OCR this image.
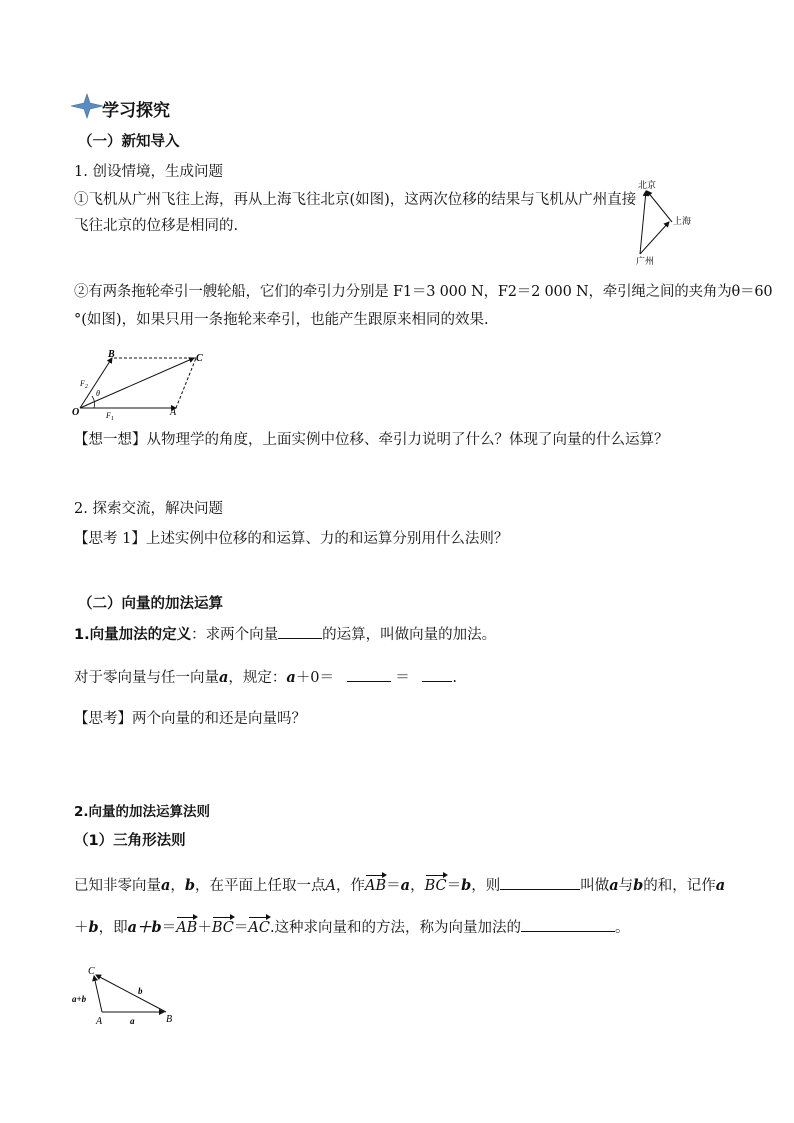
学习探究
（一）新知导入
1. 创设情境，生成问题
①飞机从广州飞往上海，再从上海飞往北京(如图)，这两次位移的结果与飞机从广州直接
飞往北京的位移是相同的.
北京
上海
广州
②有两条拖轮牵引一艘轮船，它们的牵引力分别是 F1＝3 000 N，F2＝2 000 N，牵引绳之间的夹角为θ＝60
°(如图)，如果只用一条拖轮来牵引，也能产生跟原来相同的效果.
O	A
B	C
$F_1$
$F_2$
θ
【想一想】从物理学的角度，上面实例中位移、牵引力说明了什么？体现了向量的什么运算？
2. 探索交流，解决问题
【思考 1】上述实例中位移的和运算、力的和运算分别用什么法则？
（二）向量的加法运算
1.向量加法的定义：求两个向量	的运算，叫做向量的加法。
对于零向量与任一向量a，规定：a＋0＝	＝	.
【思考】两个向量的和还是向量吗？
2.向量的加法运算法则
（1）三角形法则
已知非零向量a，b，在平面上任取一点A，作AB＝a，BC＝b，则	叫做a与b的和，记作a
＋b，即a＋b＝AB＋BC＝AC.这种求向量和的方法，称为向量加法的	。
C
A	B
a
b
a+b
